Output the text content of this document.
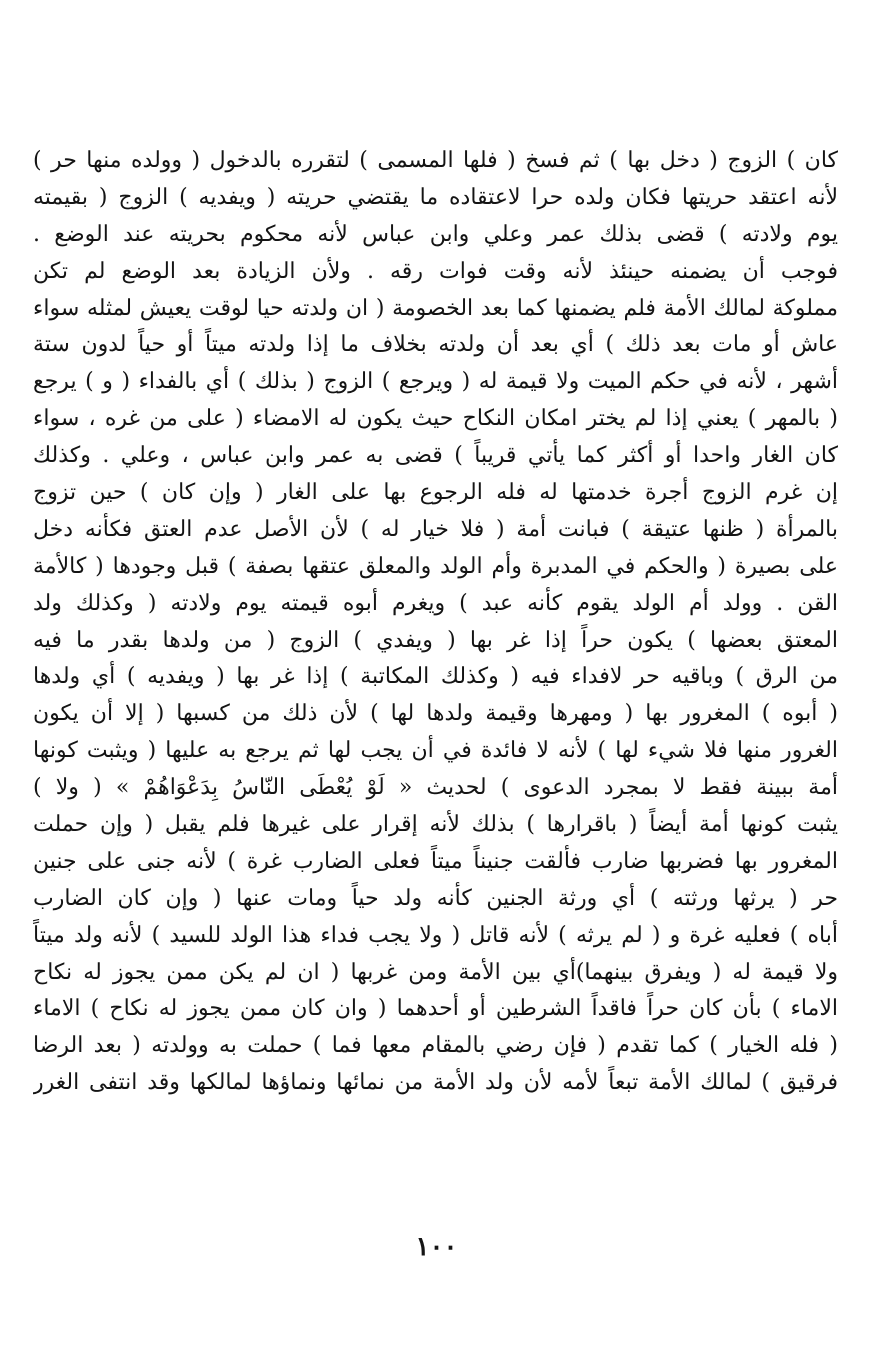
كان ) الزوج ( دخل بها ) ثم فسخ ( فلها المسمى ) لتقرره بالدخول ( وولده منها حر )
لأنه اعتقد حريتها فكان ولده حرا لاعتقاده ما يقتضي حريته ( ويفديه ) الزوج ( بقيمته
يوم ولادته ) قضى بذلك عمر وعلي وابن عباس لأنه محكوم بحريته عند الوضع .
فوجب أن يضمنه حينئذ لأنه وقت فوات رقه . ولأن الزيادة بعد الوضع لم تكن
مملوكة لمالك الأمة فلم يضمنها كما بعد الخصومة ( ان ولدته حيا لوقت يعيش لمثله سواء
عاش أو مات بعد ذلك ) أي بعد أن ولدته بخلاف ما إذا ولدته ميتاً أو حياً لدون ستة
أشهر ، لأنه في حكم الميت ولا قيمة له ( ويرجع ) الزوج ( بذلك ) أي بالفداء ( و ) يرجع
( بالمهر ) يعني إذا لم يختر امكان النكاح حيث يكون له الامضاء ( على من غره ، سواء
كان الغار واحدا أو أكثر كما يأتي قريباً ) قضى به عمر وابن عباس ، وعلي . وكذلك
إن غرم الزوج أجرة خدمتها له فله الرجوع بها على الغار ( وإن كان ) حين تزوج
بالمرأة ( ظنها عتيقة ) فبانت أمة ( فلا خيار له ) لأن الأصل عدم العتق فكأنه دخل
على بصيرة ( والحكم في المدبرة وأم الولد والمعلق عتقها بصفة ) قبل وجودها ( كالأمة
القن . وولد أم الولد يقوم كأنه عبد ) ويغرم أبوه قيمته يوم ولادته ( وكذلك ولد
المعتق بعضها ) يكون حراً إذا غر بها ( ويفدي ) الزوج ( من ولدها بقدر ما فيه
من الرق ) وباقيه حر لافداء فيه ( وكذلك المكاتبة ) إذا غر بها ( ويفديه ) أي ولدها
( أبوه ) المغرور بها ( ومهرها وقيمة ولدها لها ) لأن ذلك من كسبها ( إلا أن يكون
الغرور منها فلا شيء لها ) لأنه لا فائدة في أن يجب لها ثم يرجع به عليها ( ويثبت كونها
أمة ببينة فقط لا بمجرد الدعوى ) لحديث « لَوْ يُعْطَى النّاسُ بِدَعْوَاهُمْ » ( ولا )
يثبت كونها أمة أيضاً ( باقرارها ) بذلك لأنه إقرار على غيرها فلم يقبل ( وإن حملت
المغرور بها فضربها ضارب فألقت جنيناً ميتاً فعلى الضارب غرة ) لأنه جنى على جنين
حر ( يرثها ورثته ) أي ورثة الجنين كأنه ولد حياً ومات عنها ( وإن كان الضارب
أباه ) فعليه غرة و ( لم يرثه ) لأنه قاتل ( ولا يجب فداء هذا الولد للسيد ) لأنه ولد ميتاً
ولا قيمة له ( ويفرق بينهما)أي بين الأمة ومن غربها ( ان لم يكن ممن يجوز له نكاح
الاماء ) بأن كان حراً فاقداً الشرطين أو أحدهما ( وان كان ممن يجوز له نكاح ) الاماء
( فله الخيار ) كما تقدم ( فإن رضي بالمقام معها فما ) حملت به وولدته ( بعد الرضا
فرقيق ) لمالك الأمة تبعاً لأمه لأن ولد الأمة من نمائها ونماؤها لمالكها وقد انتفى الغرر
١٠٠
